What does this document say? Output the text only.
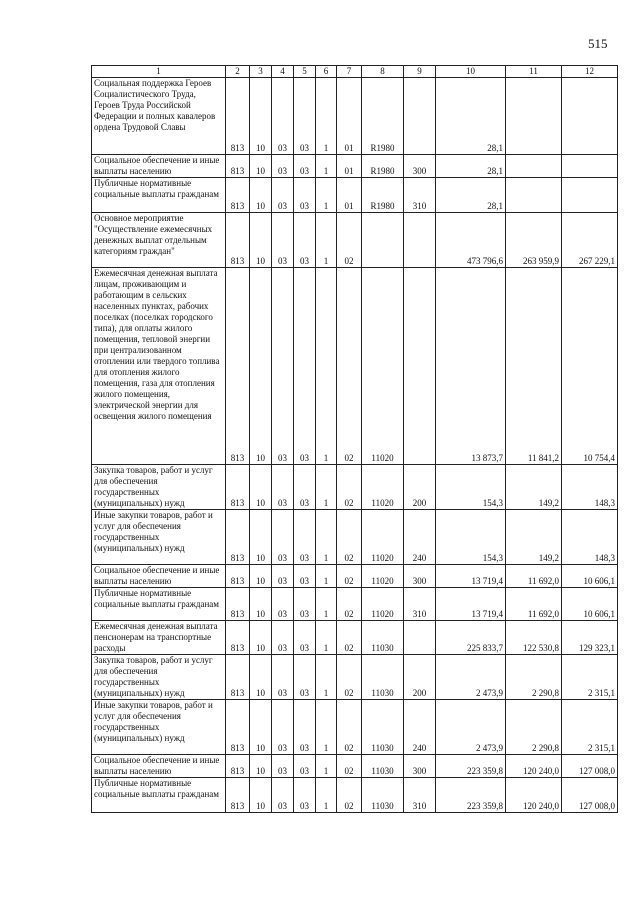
515
1	2	3	4	5	6	7	8	9	10	11	12
Социальная поддержка Героев Социалистического Труда, Героев Труда Российской Федерации и полных кавалеров ордена Трудовой Славы	813	10	03	03	1	01	R1980		28,1		
Социальное обеспечение и иные выплаты населению	813	10	03	03	1	01	R1980	300	28,1		
Публичные нормативные социальные выплаты гражданам	813	10	03	03	1	01	R1980	310	28,1		
Основное мероприятие "Осуществление ежемесячных денежных выплат отдельным категориям граждан"	813	10	03	03	1	02			473 796,6	263 959,9	267 229,1
Ежемесячная денежная выплата лицам, проживающим и работающим в сельских населенных пунктах, рабочих поселках (поселках городского типа), для оплаты жилого помещения, тепловой энергии при централизованном отоплении или твердого топлива для отопления жилого помещения, газа для отопления жилого помещения, электрической энергии для освещения жилого помещения	813	10	03	03	1	02	11020		13 873,7	11 841,2	10 754,4
Закупка товаров, работ и услуг для обеспечения государственных (муниципальных) нужд	813	10	03	03	1	02	11020	200	154,3	149,2	148,3
Иные закупки товаров, работ и услуг для обеспечения государственных (муниципальных) нужд	813	10	03	03	1	02	11020	240	154,3	149,2	148,3
Социальное обеспечение и иные выплаты населению	813	10	03	03	1	02	11020	300	13 719,4	11 692,0	10 606,1
Публичные нормативные социальные выплаты гражданам	813	10	03	03	1	02	11020	310	13 719,4	11 692,0	10 606,1
Ежемесячная денежная выплата пенсионерам на транспортные расходы	813	10	03	03	1	02	11030		225 833,7	122 530,8	129 323,1
Закупка товаров, работ и услуг для обеспечения государственных (муниципальных) нужд	813	10	03	03	1	02	11030	200	2 473,9	2 290,8	2 315,1
Иные закупки товаров, работ и услуг для обеспечения государственных (муниципальных) нужд	813	10	03	03	1	02	11030	240	2 473,9	2 290,8	2 315,1
Социальное обеспечение и иные выплаты населению	813	10	03	03	1	02	11030	300	223 359,8	120 240,0	127 008,0
Публичные нормативные социальные выплаты гражданам	813	10	03	03	1	02	11030	310	223 359,8	120 240,0	127 008,0
